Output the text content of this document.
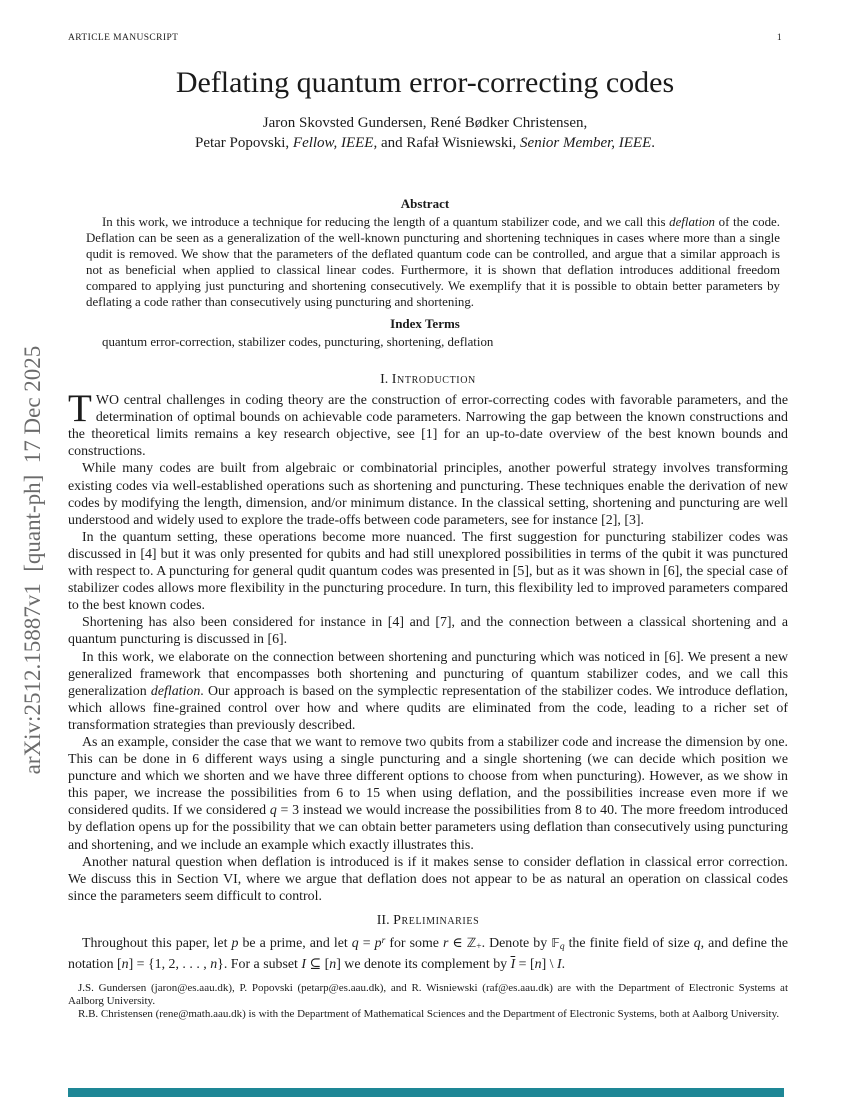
ARTICLE MANUSCRIPT	1
arXiv:2512.15887v1  [quant-ph]  17 Dec 2025
Deflating quantum error-correcting codes
Jaron Skovsted Gundersen, René Bødker Christensen,
Petar Popovski, Fellow, IEEE, and Rafał Wisniewski, Senior Member, IEEE.
Abstract
In this work, we introduce a technique for reducing the length of a quantum stabilizer code, and we call this deflation of the code. Deflation can be seen as a generalization of the well-known puncturing and shortening techniques in cases where more than a single qudit is removed. We show that the parameters of the deflated quantum code can be controlled, and argue that a similar approach is not as beneficial when applied to classical linear codes. Furthermore, it is shown that deflation introduces additional freedom compared to applying just puncturing and shortening consecutively. We exemplify that it is possible to obtain better parameters by deflating a code rather than consecutively using puncturing and shortening.
Index Terms
quantum error-correction, stabilizer codes, puncturing, shortening, deflation
I. Introduction

TWO central challenges in coding theory are the construction of error-correcting codes with favorable parameters, and the determination of optimal bounds on achievable code parameters. Narrowing the gap between the known constructions and the theoretical limits remains a key research objective, see [1] for an up-to-date overview of the best known bounds and constructions.

While many codes are built from algebraic or combinatorial principles, another powerful strategy involves transforming existing codes via well-established operations such as shortening and puncturing. These techniques enable the derivation of new codes by modifying the length, dimension, and/or minimum distance. In the classical setting, shortening and puncturing are well understood and widely used to explore the trade-offs between code parameters, see for instance [2], [3].

In the quantum setting, these operations become more nuanced. The first suggestion for puncturing stabilizer codes was discussed in [4] but it was only presented for qubits and had still unexplored possibilities in terms of the qubit it was punctured with respect to. A puncturing for general qudit quantum codes was presented in [5], but as it was shown in [6], the special case of stabilizer codes allows more flexibility in the puncturing procedure. In turn, this flexibility led to improved parameters compared to the best known codes.

Shortening has also been considered for instance in [4] and [7], and the connection between a classical shortening and a quantum puncturing is discussed in [6].

In this work, we elaborate on the connection between shortening and puncturing which was noticed in [6]. We present a new generalized framework that encompasses both shortening and puncturing of quantum stabilizer codes, and we call this generalization deflation. Our approach is based on the symplectic representation of the stabilizer codes. We introduce deflation, which allows fine-grained control over how and where qudits are eliminated from the code, leading to a richer set of transformation strategies than previously described.

As an example, consider the case that we want to remove two qubits from a stabilizer code and increase the dimension by one. This can be done in 6 different ways using a single puncturing and a single shortening (we can decide which position we puncture and which we shorten and we have three different options to choose from when puncturing). However, as we show in this paper, we increase the possibilities from 6 to 15 when using deflation, and the possibilities increase even more if we considered qudits. If we considered q = 3 instead we would increase the possibilities from 8 to 40. The more freedom introduced by deflation opens up for the possibility that we can obtain better parameters using deflation than consecutively using puncturing and shortening, and we include an example which exactly illustrates this.

Another natural question when deflation is introduced is if it makes sense to consider deflation in classical error correction. We discuss this in Section VI, where we argue that deflation does not appear to be as natural an operation on classical codes since the parameters seem difficult to control.

II. Preliminaries

Throughout this paper, let p be a prime, and let $q = p^r$ for some r ∈ ℤ$_+$. Denote by 𝔽$_q$ the finite field of size q, and define the notation [n] = {1, 2, . . . , n}. For a subset I ⊆ [n] we denote its complement by $\overline{I} = [n]$ \ I.

J.S. Gundersen (jaron@es.aau.dk), P. Popovski (petarp@es.aau.dk), and R. Wisniewski (raf@es.aau.dk) are with the Department of Electronic Systems at Aalborg University.

R.B. Christensen (rene@math.aau.dk) is with the Department of Mathematical Sciences and the Department of Electronic Systems, both at Aalborg University.
